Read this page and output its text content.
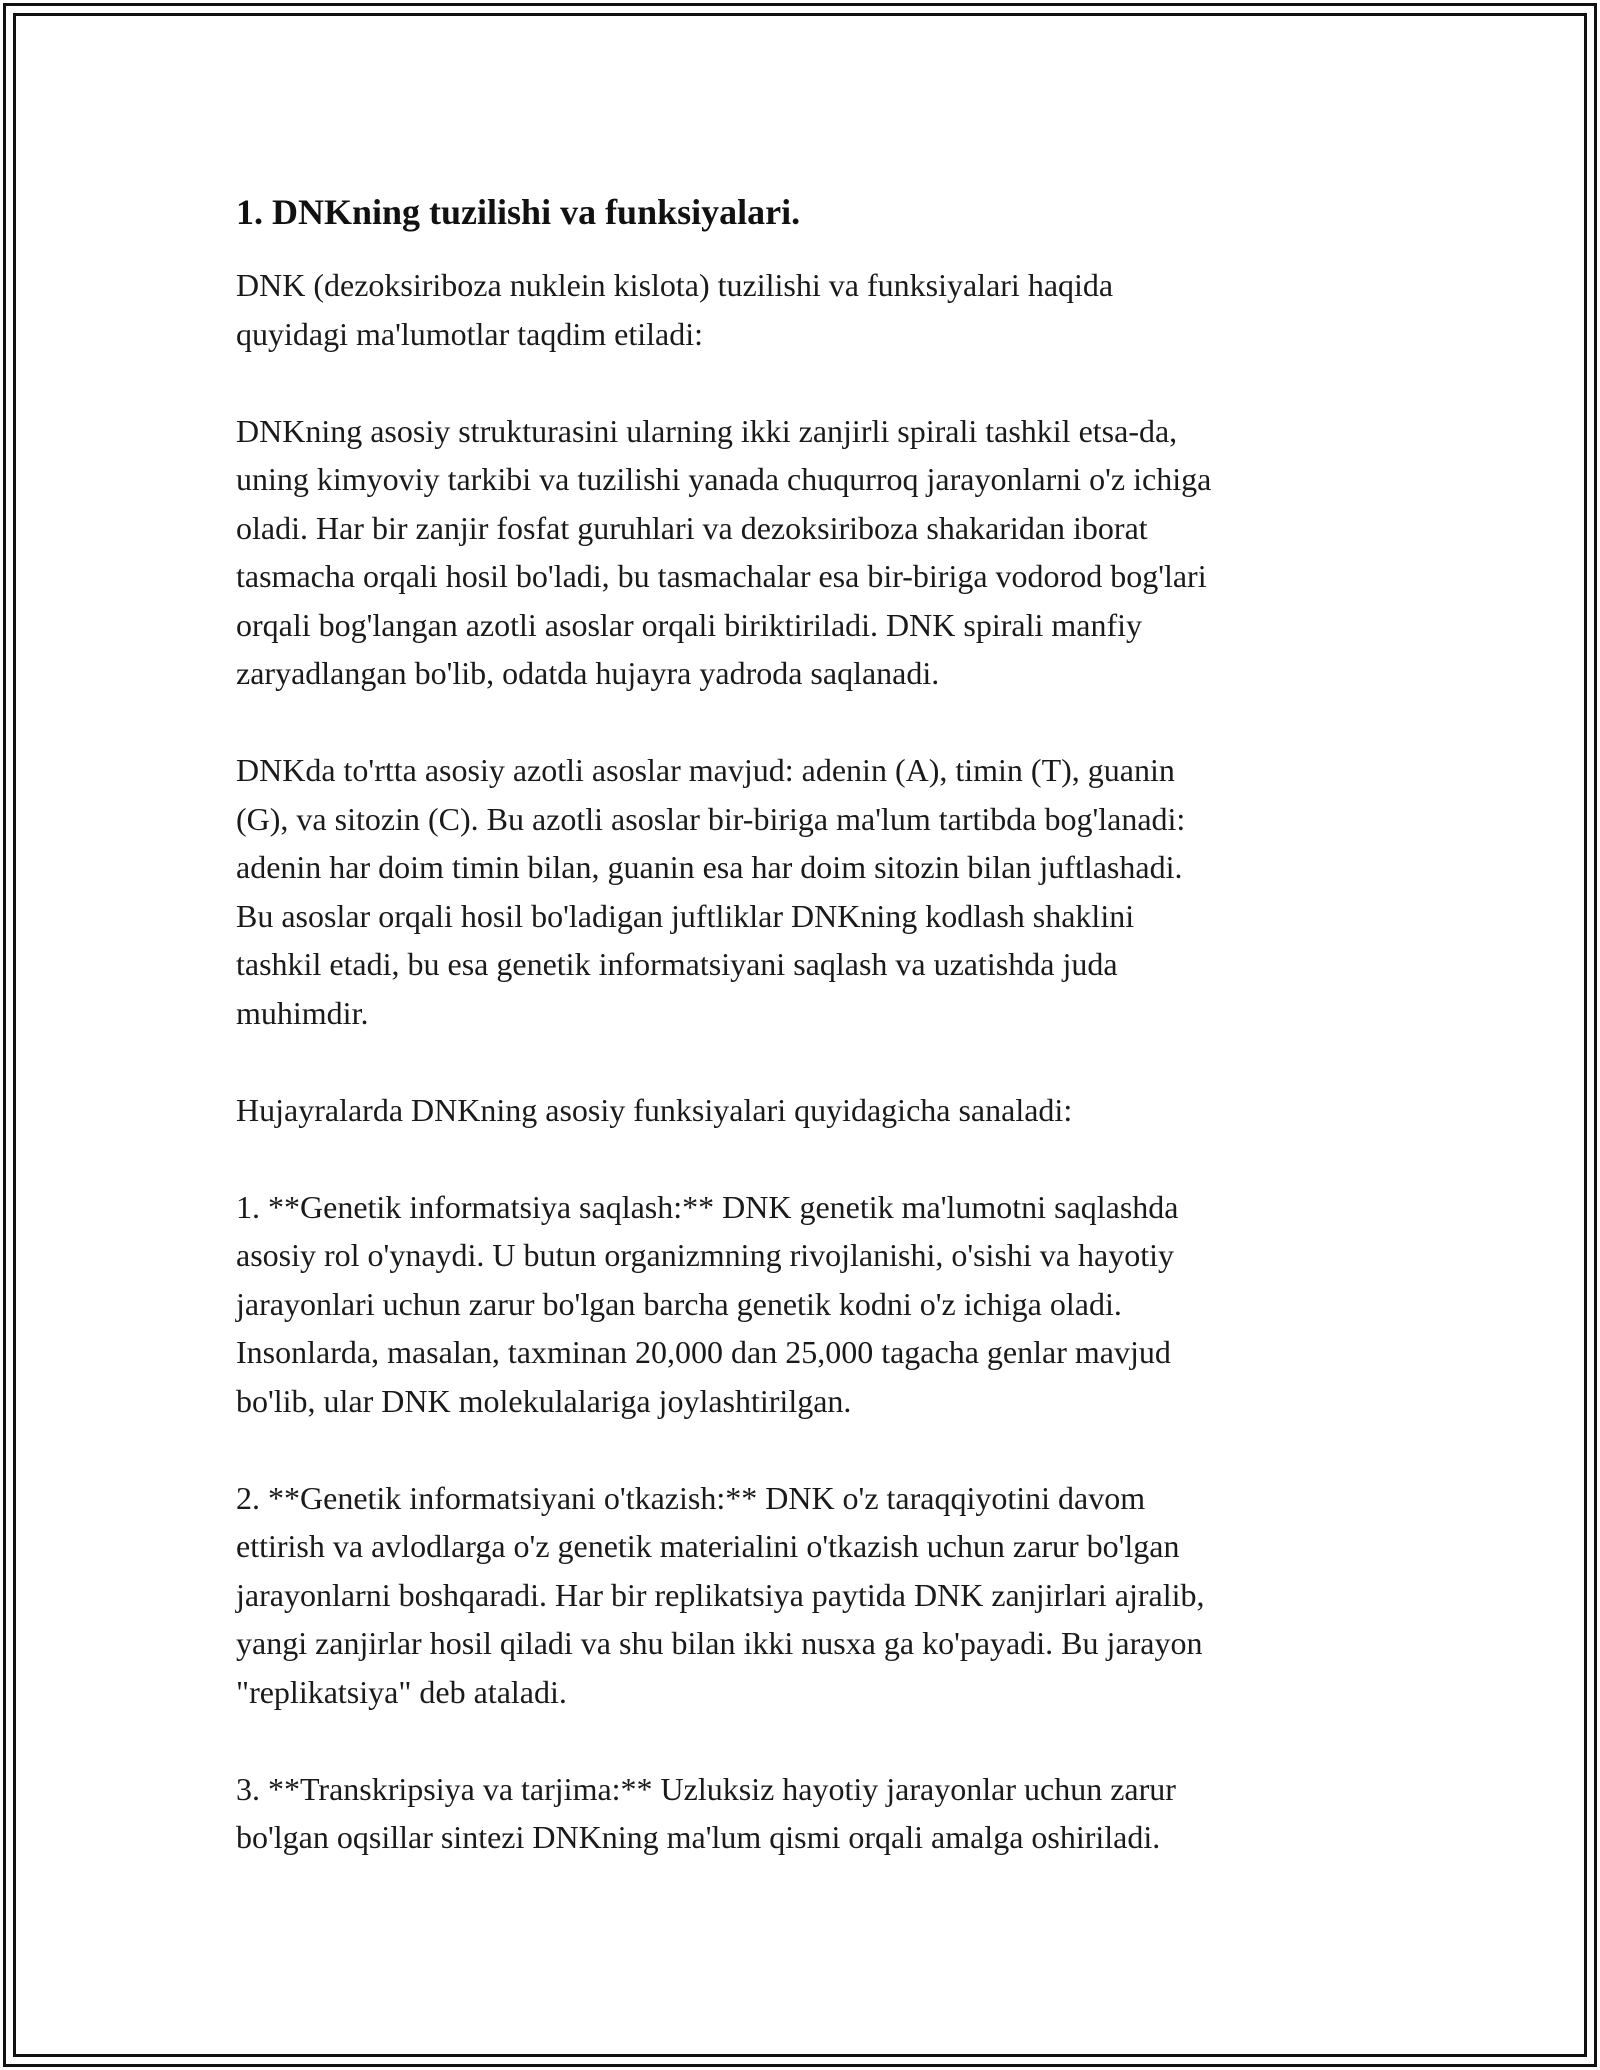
1. DNKning tuzilishi va funksiyalari.

DNK (dezoksiriboza nuklein kislota) tuzilishi va funksiyalari haqida
quyidagi ma'lumotlar taqdim etiladi:

DNKning asosiy strukturasini ularning ikki zanjirli spirali tashkil etsa-da,
uning kimyoviy tarkibi va tuzilishi yanada chuqurroq jarayonlarni o'z ichiga
oladi. Har bir zanjir fosfat guruhlari va dezoksiriboza shakaridan iborat
tasmacha orqali hosil bo'ladi, bu tasmachalar esa bir-biriga vodorod bog'lari
orqali bog'langan azotli asoslar orqali biriktiriladi. DNK spirali manfiy
zaryadlangan bo'lib, odatda hujayra yadroda saqlanadi.

DNKda to'rtta asosiy azotli asoslar mavjud: adenin (A), timin (T), guanin
(G), va sitozin (C). Bu azotli asoslar bir-biriga ma'lum tartibda bog'lanadi:
adenin har doim timin bilan, guanin esa har doim sitozin bilan juftlashadi.
Bu asoslar orqali hosil bo'ladigan juftliklar DNKning kodlash shaklini
tashkil etadi, bu esa genetik informatsiyani saqlash va uzatishda juda
muhimdir.

Hujayralarda DNKning asosiy funksiyalari quyidagicha sanaladi:

1. **Genetik informatsiya saqlash:** DNK genetik ma'lumotni saqlashda
asosiy rol o'ynaydi. U butun organizmning rivojlanishi, o'sishi va hayotiy
jarayonlari uchun zarur bo'lgan barcha genetik kodni o'z ichiga oladi.
Insonlarda, masalan, taxminan 20,000 dan 25,000 tagacha genlar mavjud
bo'lib, ular DNK molekulalariga joylashtirilgan.

2. **Genetik informatsiyani o'tkazish:** DNK o'z taraqqiyotini davom
ettirish va avlodlarga o'z genetik materialini o'tkazish uchun zarur bo'lgan
jarayonlarni boshqaradi. Har bir replikatsiya paytida DNK zanjirlari ajralib,
yangi zanjirlar hosil qiladi va shu bilan ikki nusxa ga ko'payadi. Bu jarayon
"replikatsiya" deb ataladi.

3. **Transkripsiya va tarjima:** Uzluksiz hayotiy jarayonlar uchun zarur
bo'lgan oqsillar sintezi DNKning ma'lum qismi orqali amalga oshiriladi.
